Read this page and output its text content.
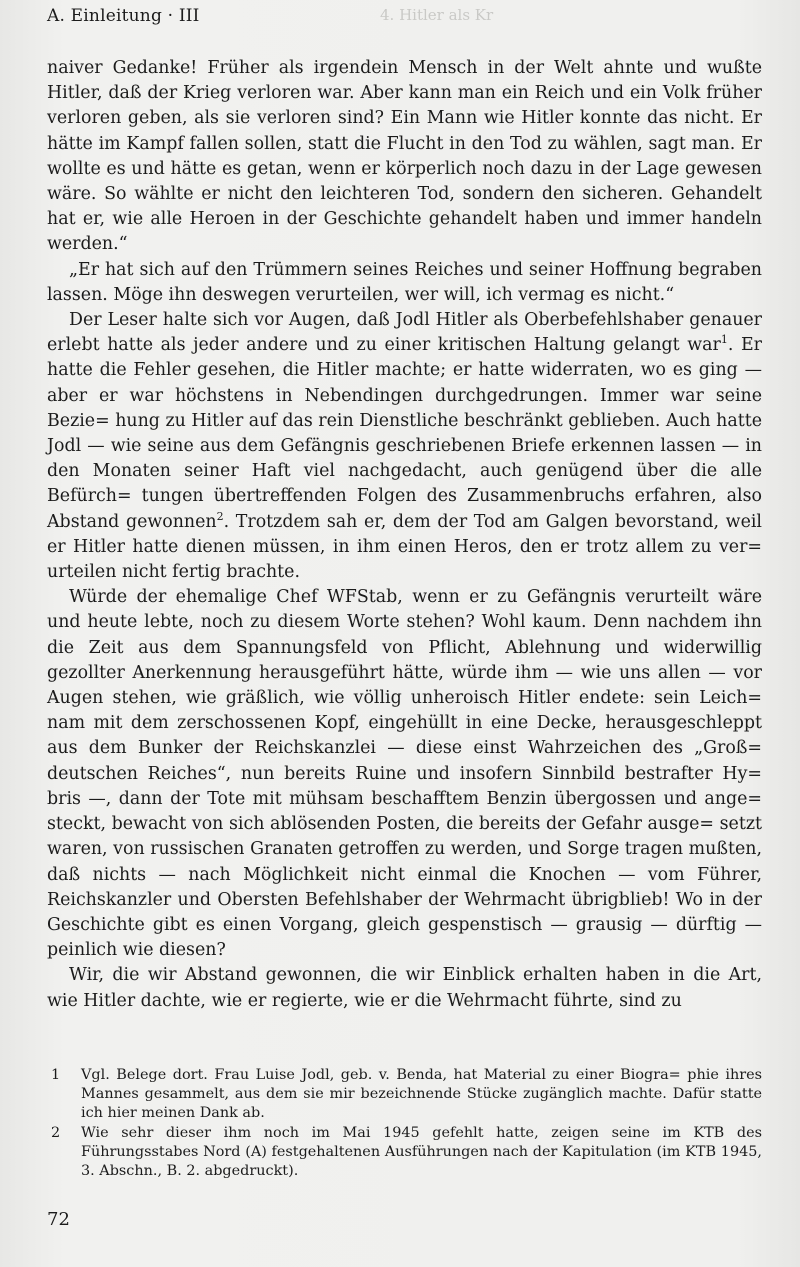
A. Einleitung · III	4. Hitler als Kr

naiver Gedanke! Früher als irgendein Mensch in der Welt ahnte und wußte Hitler, daß der Krieg verloren war. Aber kann man ein Reich und ein Volk früher verloren geben, als sie verloren sind? Ein Mann wie Hitler konnte das nicht. Er hätte im Kampf fallen sollen, statt die Flucht in den Tod zu wählen, sagt man. Er wollte es und hätte es getan, wenn er körperlich noch dazu in der Lage gewesen wäre. So wählte er nicht den leichteren Tod, sondern den sicheren. Gehandelt hat er, wie alle Heroen in der Geschichte gehandelt haben und immer handeln werden.“

„Er hat sich auf den Trümmern seines Reiches und seiner Hoffnung begraben lassen. Möge ihn deswegen verurteilen, wer will, ich vermag es nicht.“

Der Leser halte sich vor Augen, daß Jodl Hitler als Oberbefehlshaber genauer erlebt hatte als jeder andere und zu einer kritischen Haltung gelangt war$^1$. Er hatte die Fehler gesehen, die Hitler machte; er hatte widerraten, wo es ging — aber er war höchstens in Nebendingen durchgedrungen. Immer war seine Bezie= hung zu Hitler auf das rein Dienstliche beschränkt geblieben. Auch hatte Jodl — wie seine aus dem Gefängnis geschriebenen Briefe erkennen lassen — in den Monaten seiner Haft viel nachgedacht, auch genügend über die alle Befürch= tungen übertreffenden Folgen des Zusammenbruchs erfahren, also Abstand gewonnen$^2$. Trotzdem sah er, dem der Tod am Galgen bevorstand, weil er Hitler hatte dienen müssen, in ihm einen Heros, den er trotz allem zu ver= urteilen nicht fertig brachte.

Würde der ehemalige Chef WFStab, wenn er zu Gefängnis verurteilt wäre und heute lebte, noch zu diesem Worte stehen? Wohl kaum. Denn nachdem ihn die Zeit aus dem Spannungsfeld von Pflicht, Ablehnung und widerwillig gezollter Anerkennung herausgeführt hätte, würde ihm — wie uns allen — vor Augen stehen, wie gräßlich, wie völlig unheroisch Hitler endete: sein Leich= nam mit dem zerschossenen Kopf, eingehüllt in eine Decke, herausgeschleppt aus dem Bunker der Reichskanzlei — diese einst Wahrzeichen des „Groß= deutschen Reiches“, nun bereits Ruine und insofern Sinnbild bestrafter Hy= bris —, dann der Tote mit mühsam beschafftem Benzin übergossen und ange= steckt, bewacht von sich ablösenden Posten, die bereits der Gefahr ausge= setzt waren, von russischen Granaten getroffen zu werden, und Sorge tragen mußten, daß nichts — nach Möglichkeit nicht einmal die Knochen — vom Führer, Reichskanzler und Obersten Befehlshaber der Wehrmacht übrigblieb! Wo in der Geschichte gibt es einen Vorgang, gleich gespenstisch — grausig — dürftig — peinlich wie diesen?

Wir, die wir Abstand gewonnen, die wir Einblick erhalten haben in die Art, wie Hitler dachte, wie er regierte, wie er die Wehrmacht führte, sind zu

1	Vgl. Belege dort. Frau Luise Jodl, geb. v. Benda, hat Material zu einer Biogra= phie ihres Mannes gesammelt, aus dem sie mir bezeichnende Stücke zugänglich machte. Dafür statte ich hier meinen Dank ab.
2	Wie sehr dieser ihm noch im Mai 1945 gefehlt hatte, zeigen seine im KTB des Führungsstabes Nord (A) festgehaltenen Ausführungen nach der Kapitulation (im KTB 1945, 3. Abschn., B. 2. abgedruckt).
72
